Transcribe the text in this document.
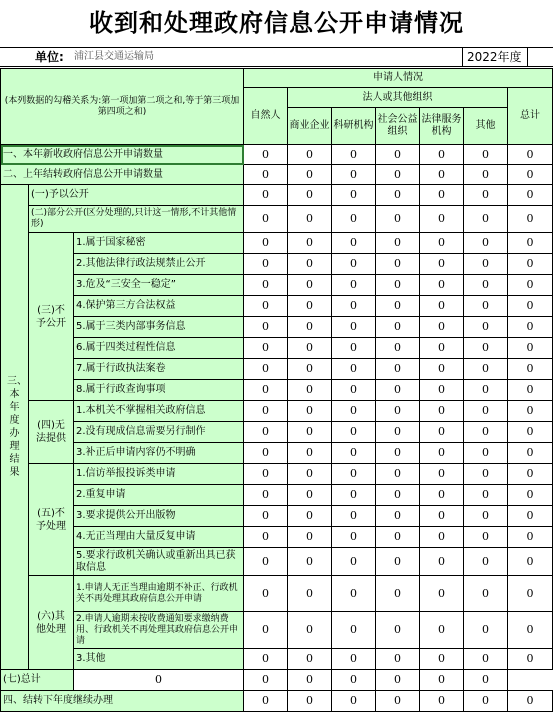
收到和处理政府信息公开申请情况
单位: 浦江县交通运输局	2022年度
(本列数据的勾稽关系为:第一项加第二项之和,等于第三项加第四项之和)			申请人情况						
			自然人	法人或其他组织					总计
				商业企业	科研机构	社会公益组织	法律服务机构	其他	
一、本年新收政府信息公开申请数量			0	0	0	0	0	0	0
二、上年结转政府信息公开申请数量			0	0	0	0	0	0	0
三、本年度办理结果	(一)予以公开		0	0	0	0	0	0	0
	(二)部分公开(区分处理的,只计这一情形,不计其他情形)		0	0	0	0	0	0	0
	(三)不予公开	1.属于国家秘密	0	0	0	0	0	0	0
		2.其他法律行政法规禁止公开	0	0	0	0	0	0	0
		3.危及“三安全一稳定”	0	0	0	0	0	0	0
		4.保护第三方合法权益	0	0	0	0	0	0	0
		5.属于三类内部事务信息	0	0	0	0	0	0	0
		6.属于四类过程性信息	0	0	0	0	0	0	0
		7.属于行政执法案卷	0	0	0	0	0	0	0
		8.属于行政查询事项	0	0	0	0	0	0	0
	(四)无法提供	1.本机关不掌握相关政府信息	0	0	0	0	0	0	0
		2.没有现成信息需要另行制作	0	0	0	0	0	0	0
		3.补正后申请内容仍不明确	0	0	0	0	0	0	0
	(五)不予处理	1.信访举报投诉类申请	0	0	0	0	0	0	0
		2.重复申请	0	0	0	0	0	0	0
		3.要求提供公开出版物	0	0	0	0	0	0	0
		4.无正当理由大量反复申请	0	0	0	0	0	0	0
		5.要求行政机关确认或重新出具已获取信息	0	0	0	0	0	0	0
	(六)其他处理	1.申请人无正当理由逾期不补正、行政机关不再处理其政府信息公开申请	0	0	0	0	0	0	0
		2.申请人逾期未按收费通知要求缴纳费用、行政机关不再处理其政府信息公开申请	0	0	0	0	0	0	0
		3.其他	0	0	0	0	0	0	0
(七)总计		0	0	0	0	0	0	0	
四、结转下年度继续办理			0	0	0	0	0	0	0
